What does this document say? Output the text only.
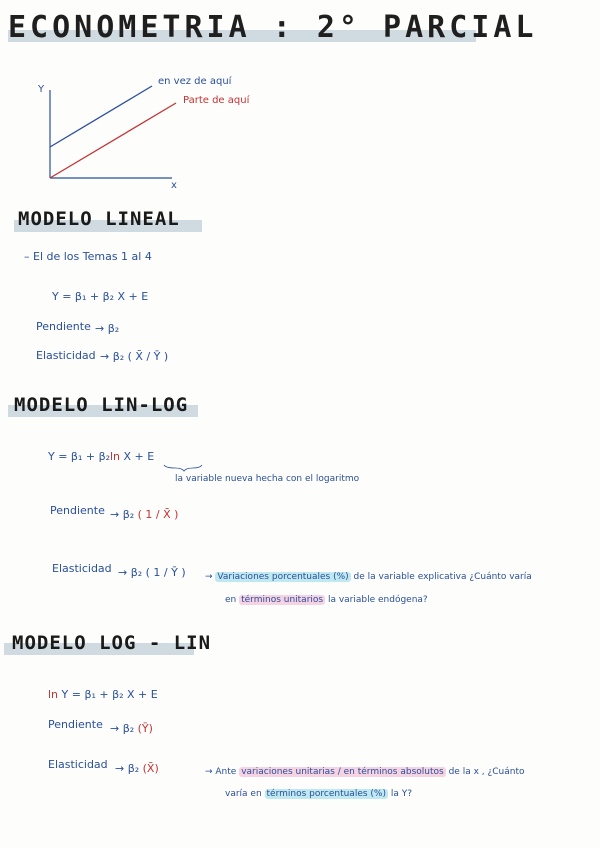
ECONOMETRIA : 2° PARCIAL
Y
x
en vez de aquí
Parte de aquí
MODELO LINEAL
– El de los Temas 1 al 4
Y = β₁ + β₂ X + E
Pendiente → β₂
Elasticidad → β₂ ( X̄ / Ȳ )
MODELO LIN-LOG
Y = β₁ + β₂ln X + E
la variable nueva hecha con el logaritmo
Pendiente → β₂ ( 1 / X̄ )
Elasticidad → β₂ ( 1 / Ȳ ) → Variaciones porcentuales (%) de la variable explicativa ¿Cuánto varía
en términos unitarios la variable endógena?
MODELO LOG - LIN
ln Y = β₁ + β₂ X + E
Pendiente → β₂ (Ȳ)
Elasticidad → β₂ (X̄)	→ Ante variaciones unitarias / en términos absolutos de la x , ¿Cuánto
varía en términos porcentuales (%) la Y?
